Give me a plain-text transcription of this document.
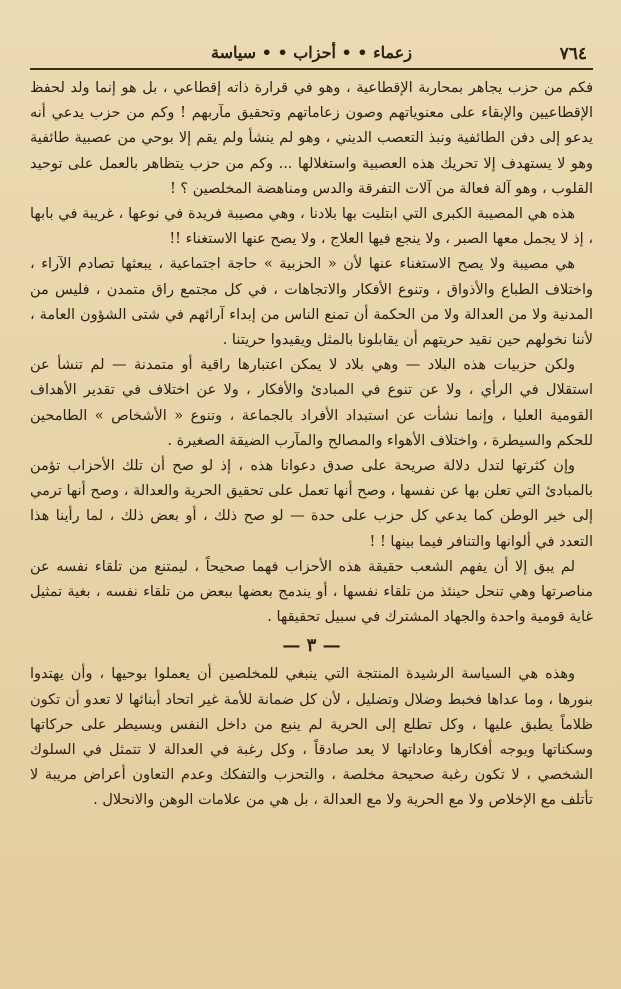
٧٦٤
زعماء • • أحزاب • • سياسة

فكم من حزب يجاهر بمحاربة الإقطاعية ، وهو في قرارة ذاته إقطاعي ، بل هو إنما ولد لحفظ الإقطاعيين والإبقاء على معنوياتهم وصون زعاماتهم وتحقيق مآربهم ! وكم من حزب يدعي أنه يدعو إلى دفن الطائفية ونبذ التعصب الديني ، وهو لم ينشأ ولم يقم إلا بوحي من عصبية طائفية وهو لا يستهدف إلا تحريك هذه العصبية واستغلالها ... وكم من حزب يتظاهر بالعمل على توحيد القلوب ، وهو آلة فعالة من آلات التفرقة والدس ومناهضة المخلصين ؟ !

هذه هي المصيبة الكبرى التي ابتليت بها بلادنا ، وهي مصيبة فريدة في نوعها ، غريبة في بابها ، إذ لا يجمل معها الصبر ، ولا ينجع فيها العلاج ، ولا يصح عنها الاستغناء !!

هي مصيبة ولا يصح الاستغناء عنها لأن « الحزبية » حاجة اجتماعية ، يبعثها تصادم الآراء ، واختلاف الطباع والأذواق ، وتنوع الأفكار والاتجاهات ، في كل مجتمع راق متمدن ، فليس من المدنية ولا من العدالة ولا من الحكمة أن تمنع الناس من إبداء آرائهم في شتى الشؤون العامة ، لأننا نخولهم حين نقيد حريتهم أن يقابلونا بالمثل ويقيدوا حريتنا .

ولكن حزبيات هذه البلاد — وهي بلاد لا يمكن اعتبارها راقية أو متمدنة — لم تنشأ عن استقلال في الرأي ، ولا عن تنوع في المبادئ والأفكار ، ولا عن اختلاف في تقدير الأهداف القومية العليا ، وإنما نشأت عن استبداد الأفراد بالجماعة ، وتنوع « الأشخاص » الطامحين للحكم والسيطرة ، واختلاف الأهواء والمصالح والمآرب الضيقة الصغيرة .

وإن كثرتها لتدل دلالة صريحة على صدق دعوانا هذه ، إذ لو صح أن تلك الأحزاب تؤمن بالمبادئ التي تعلن بها عن نفسها ، وصح أنها تعمل على تحقيق الحرية والعدالة ، وصح أنها ترمي إلى خير الوطن كما يدعي كل حزب على حدة — لو صح ذلك ، أو بعض ذلك ، لما رأينا هذا التعدد في ألوانها والتنافر فيما بينها ! !

لم يبق إلا أن يفهم الشعب حقيقة هذه الأحزاب فهما صحيحاً ، ليمتنع من تلقاء نفسه عن مناصرتها وهي تنحل حينئذ من تلقاء نفسها ، أو يندمج بعضها ببعض من تلقاء نفسه ، بغية تمثيل غاية قومية واحدة والجهاد المشترك في سبيل تحقيقها .

— ٣ —

وهذه هي السياسة الرشيدة المنتجة التي ينبغي للمخلصين أن يعملوا بوحيها ، وأن يهتدوا بنورها ، وما عداها فخبط وضلال وتضليل ، لأن كل ضمانة للأمة غير اتحاد أبنائها لا تعدو أن تكون ظلاماً يطبق عليها ، وكل تطلع إلى الحرية لم ينبع من داخل النفس ويسيطر على حركاتها وسكناتها ويوجه أفكارها وعاداتها لا يعد صادقاً ، وكل رغبة في العدالة لا تتمثل في السلوك الشخصي ، لا تكون رغبة صحيحة مخلصة ، والتحزب والتفكك وعدم التعاون أعراض مريبة لا تأتلف مع الإخلاص ولا مع الحرية ولا مع العدالة ، بل هي من علامات الوهن والانحلال .
